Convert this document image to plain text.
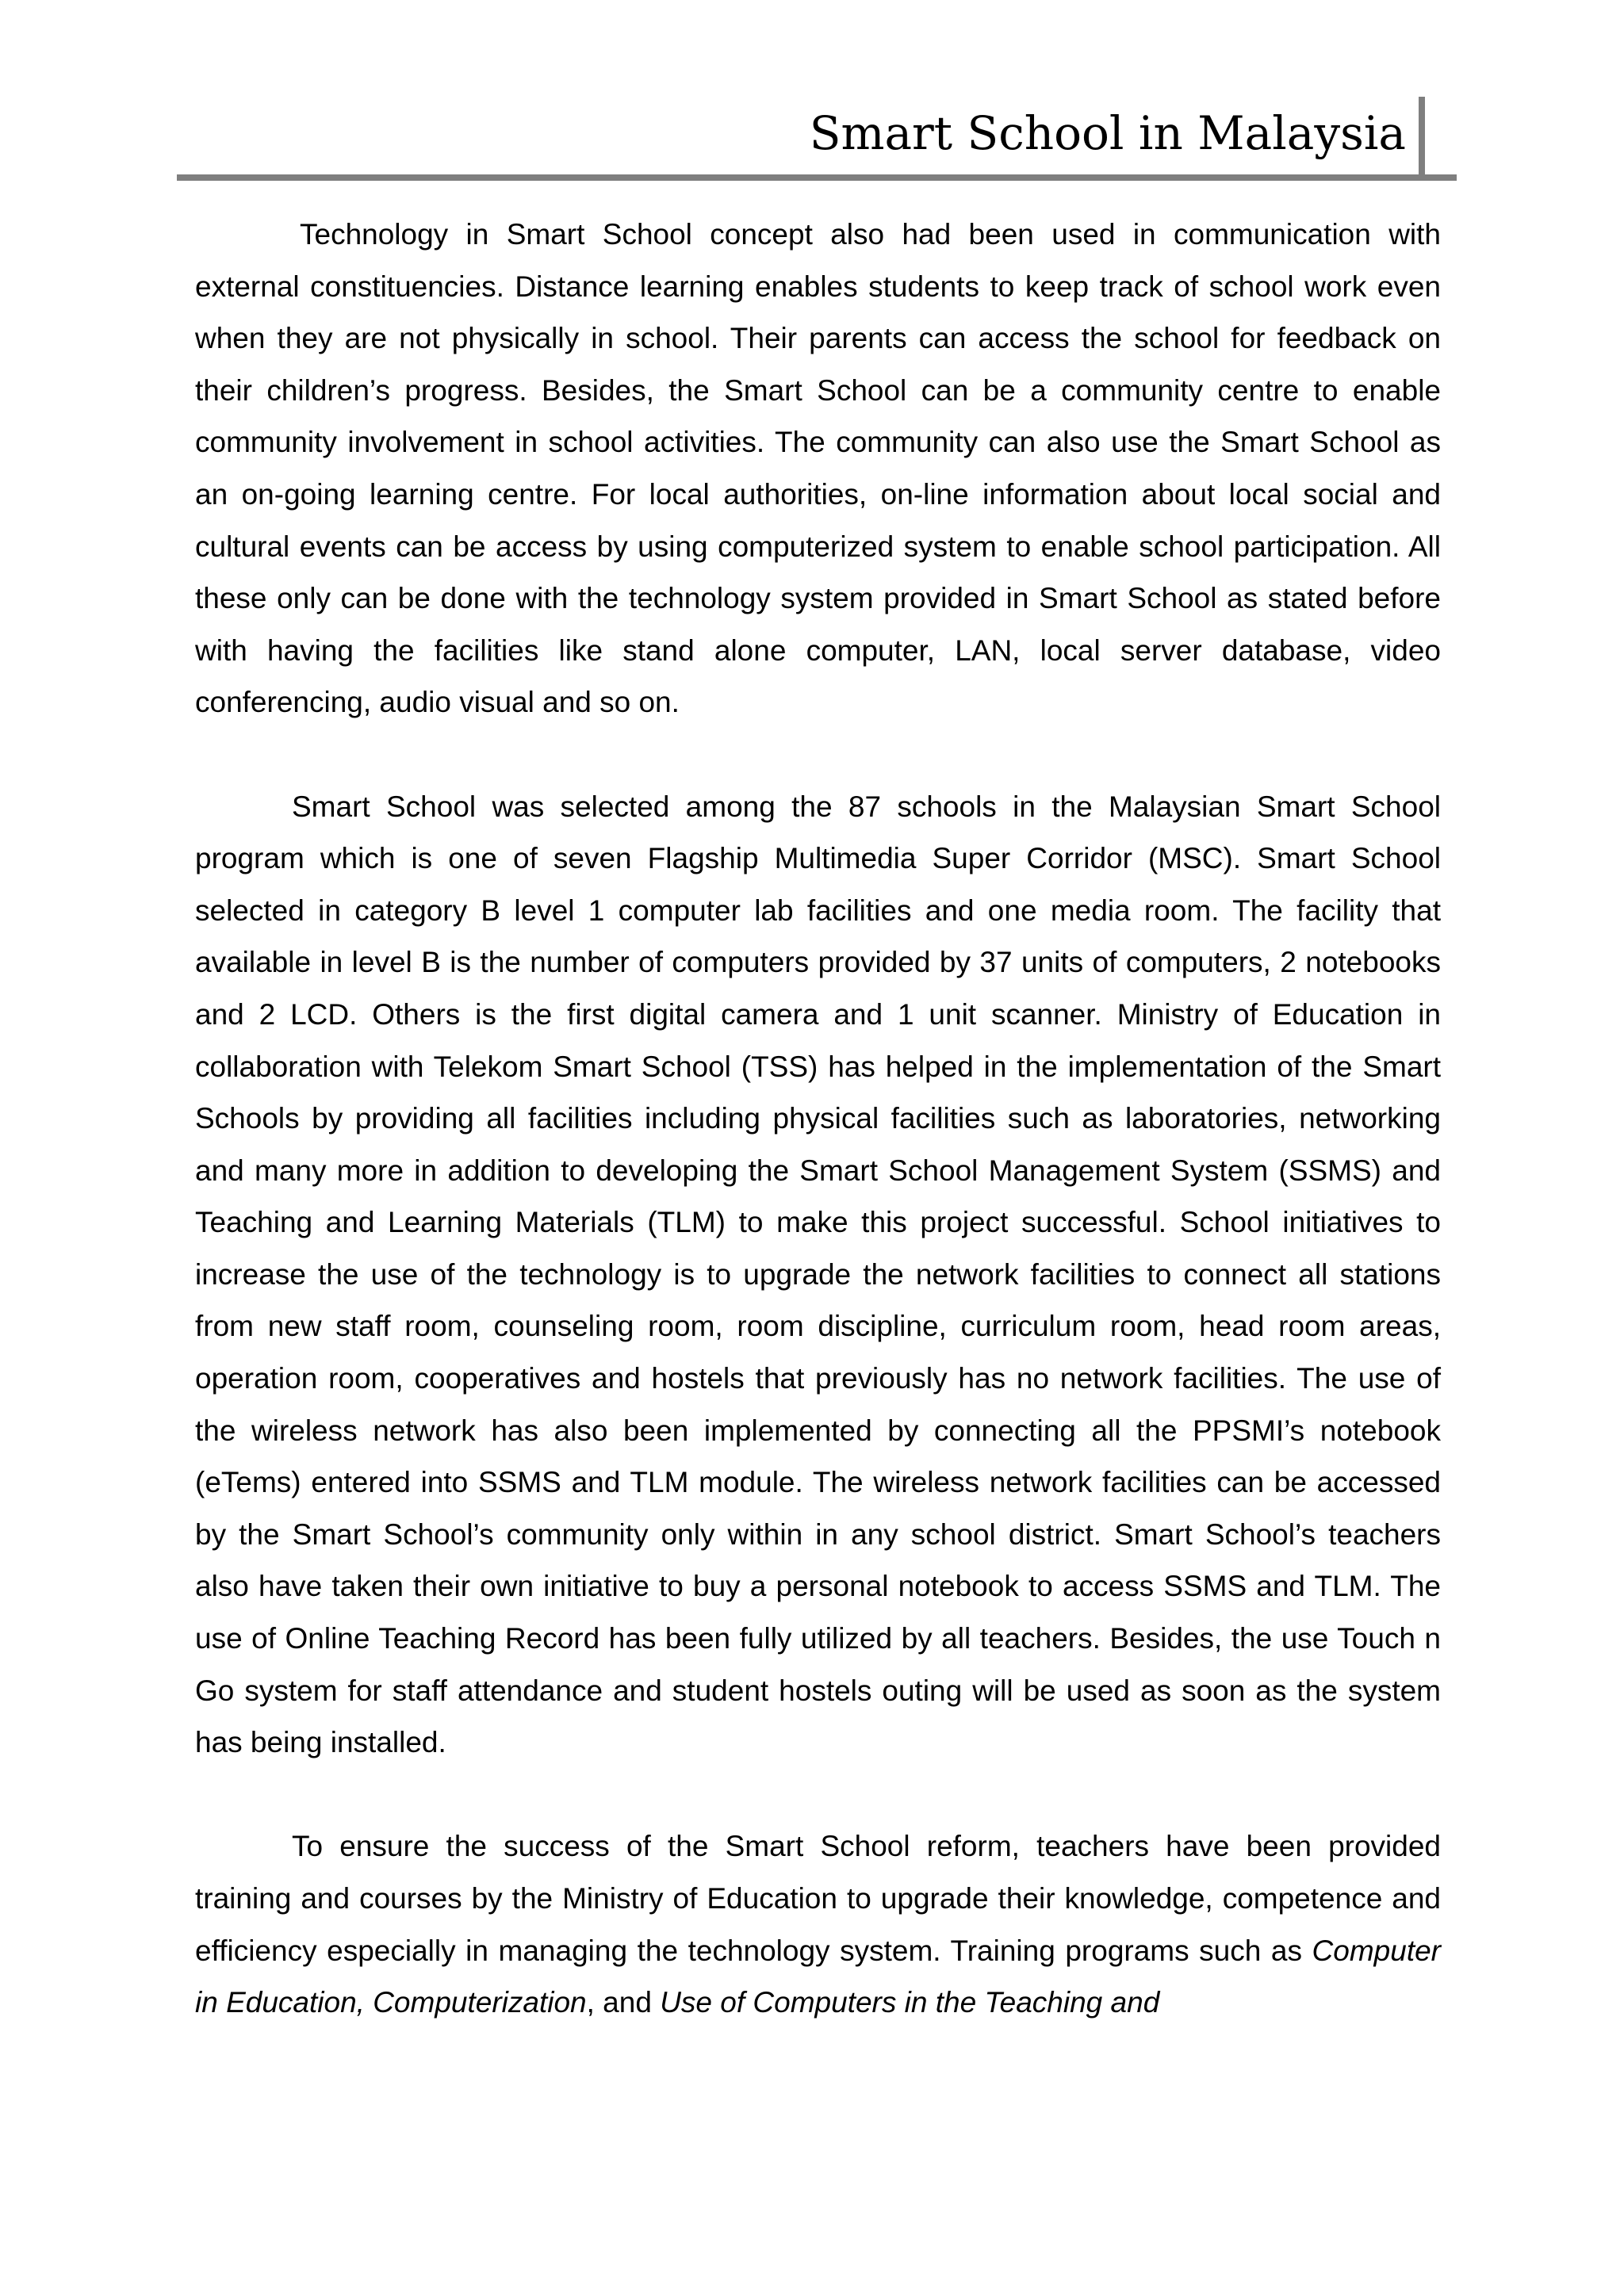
Smart School in Malaysia

Technology in Smart School concept also had been used in communication with external constituencies. Distance learning enables students to keep track of school work even when they are not physically in school. Their parents can access the school for feedback on their children’s progress. Besides, the Smart School can be a community centre to enable community involvement in school activities. The community can also use the Smart School as an on-going learning centre. For local authorities, on-line information about local social and cultural events can be access by using computerized system to enable school participation. All these only can be done with the technology system provided in Smart School as stated before with having the facilities like stand alone computer, LAN, local server database, video conferencing, audio visual and so on.

Smart School was selected among the 87 schools in the Malaysian Smart School program which is one of seven Flagship Multimedia Super Corridor (MSC). Smart School selected in category B level 1 computer lab facilities and one media room. The facility that available in level B is the number of computers provided by 37 units of computers, 2 notebooks and 2 LCD. Others is the first digital camera and 1 unit scanner. Ministry of Education in collaboration with Telekom Smart School (TSS) has helped in the implementation of the Smart Schools by providing all facilities including physical facilities such as laboratories, networking and many more in addition to developing the Smart School Management System (SSMS) and Teaching and Learning Materials (TLM) to make this project successful. School initiatives to increase the use of the technology is to upgrade the network facilities to connect all stations from new staff room, counseling room, room discipline, curriculum room, head room areas, operation room, cooperatives and hostels that previously has no network facilities. The use of the wireless network has also been implemented by connecting all the PPSMI’s notebook (eTems) entered into SSMS and TLM module. The wireless network facilities can be accessed by the Smart School’s community only within in any school district. Smart School’s teachers also have taken their own initiative to buy a personal notebook to access SSMS and TLM. The use of Online Teaching Record has been fully utilized by all teachers. Besides, the use Touch n Go system for staff attendance and student hostels outing will be used as soon as the system has being installed.

To ensure the success of the Smart School reform, teachers have been provided training and courses by the Ministry of Education to upgrade their knowledge, competence and efficiency especially in managing the technology system. Training programs such as Computer in Education, Computerization, and Use of Computers in the Teaching and
